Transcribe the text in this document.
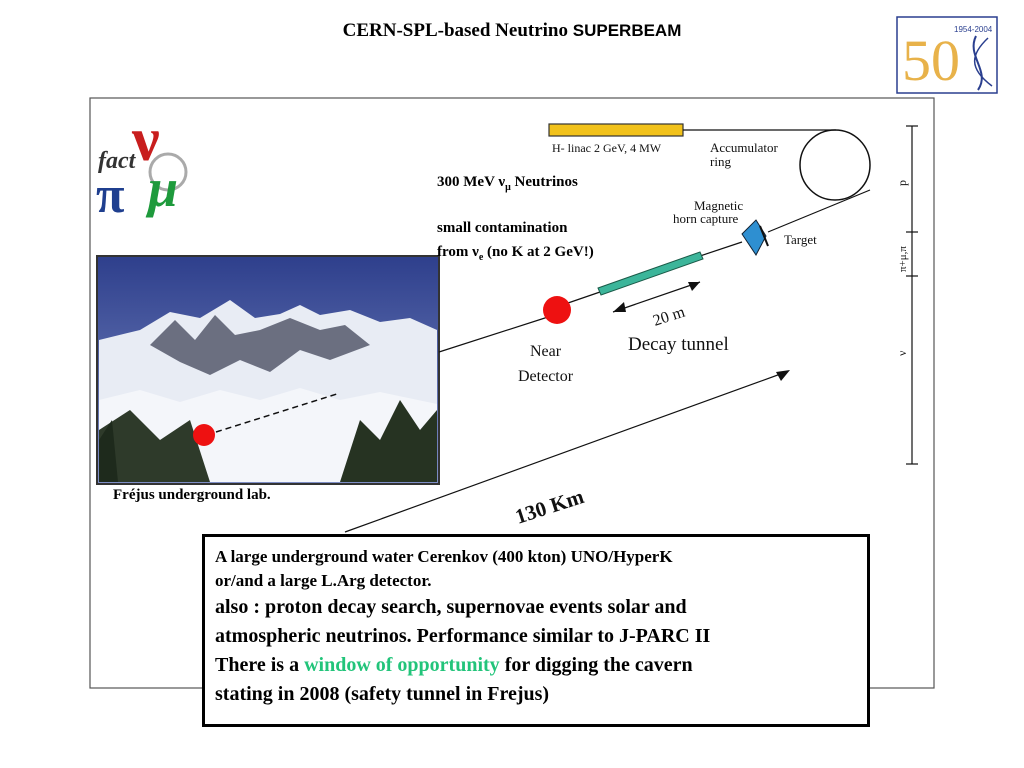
CERN-SPL-based Neutrino SUPERBEAM	1954-2004
50
fact
ν
π μ
H- linac 2 GeV, 4 MW	Accumulator
ring
Magnetic
horn capture
Target
20 m
Decay tunnel
Near
Detector
130 Km
p
π+μ,π
ν
300 MeV $\nu_\mu$ Neutrinos
small contamination
from $\nu_e$ (no K at 2 GeV!)
Fréjus underground lab.
A large underground water Cerenkov (400 kton) UNO/HyperK
or/and a large L.Arg detector.
also : proton decay search, supernovae events solar and
atmospheric neutrinos. Performance similar to J-PARC II
There is a window of opportunity for digging the cavern
stating in 2008 (safety tunnel in Frejus)
